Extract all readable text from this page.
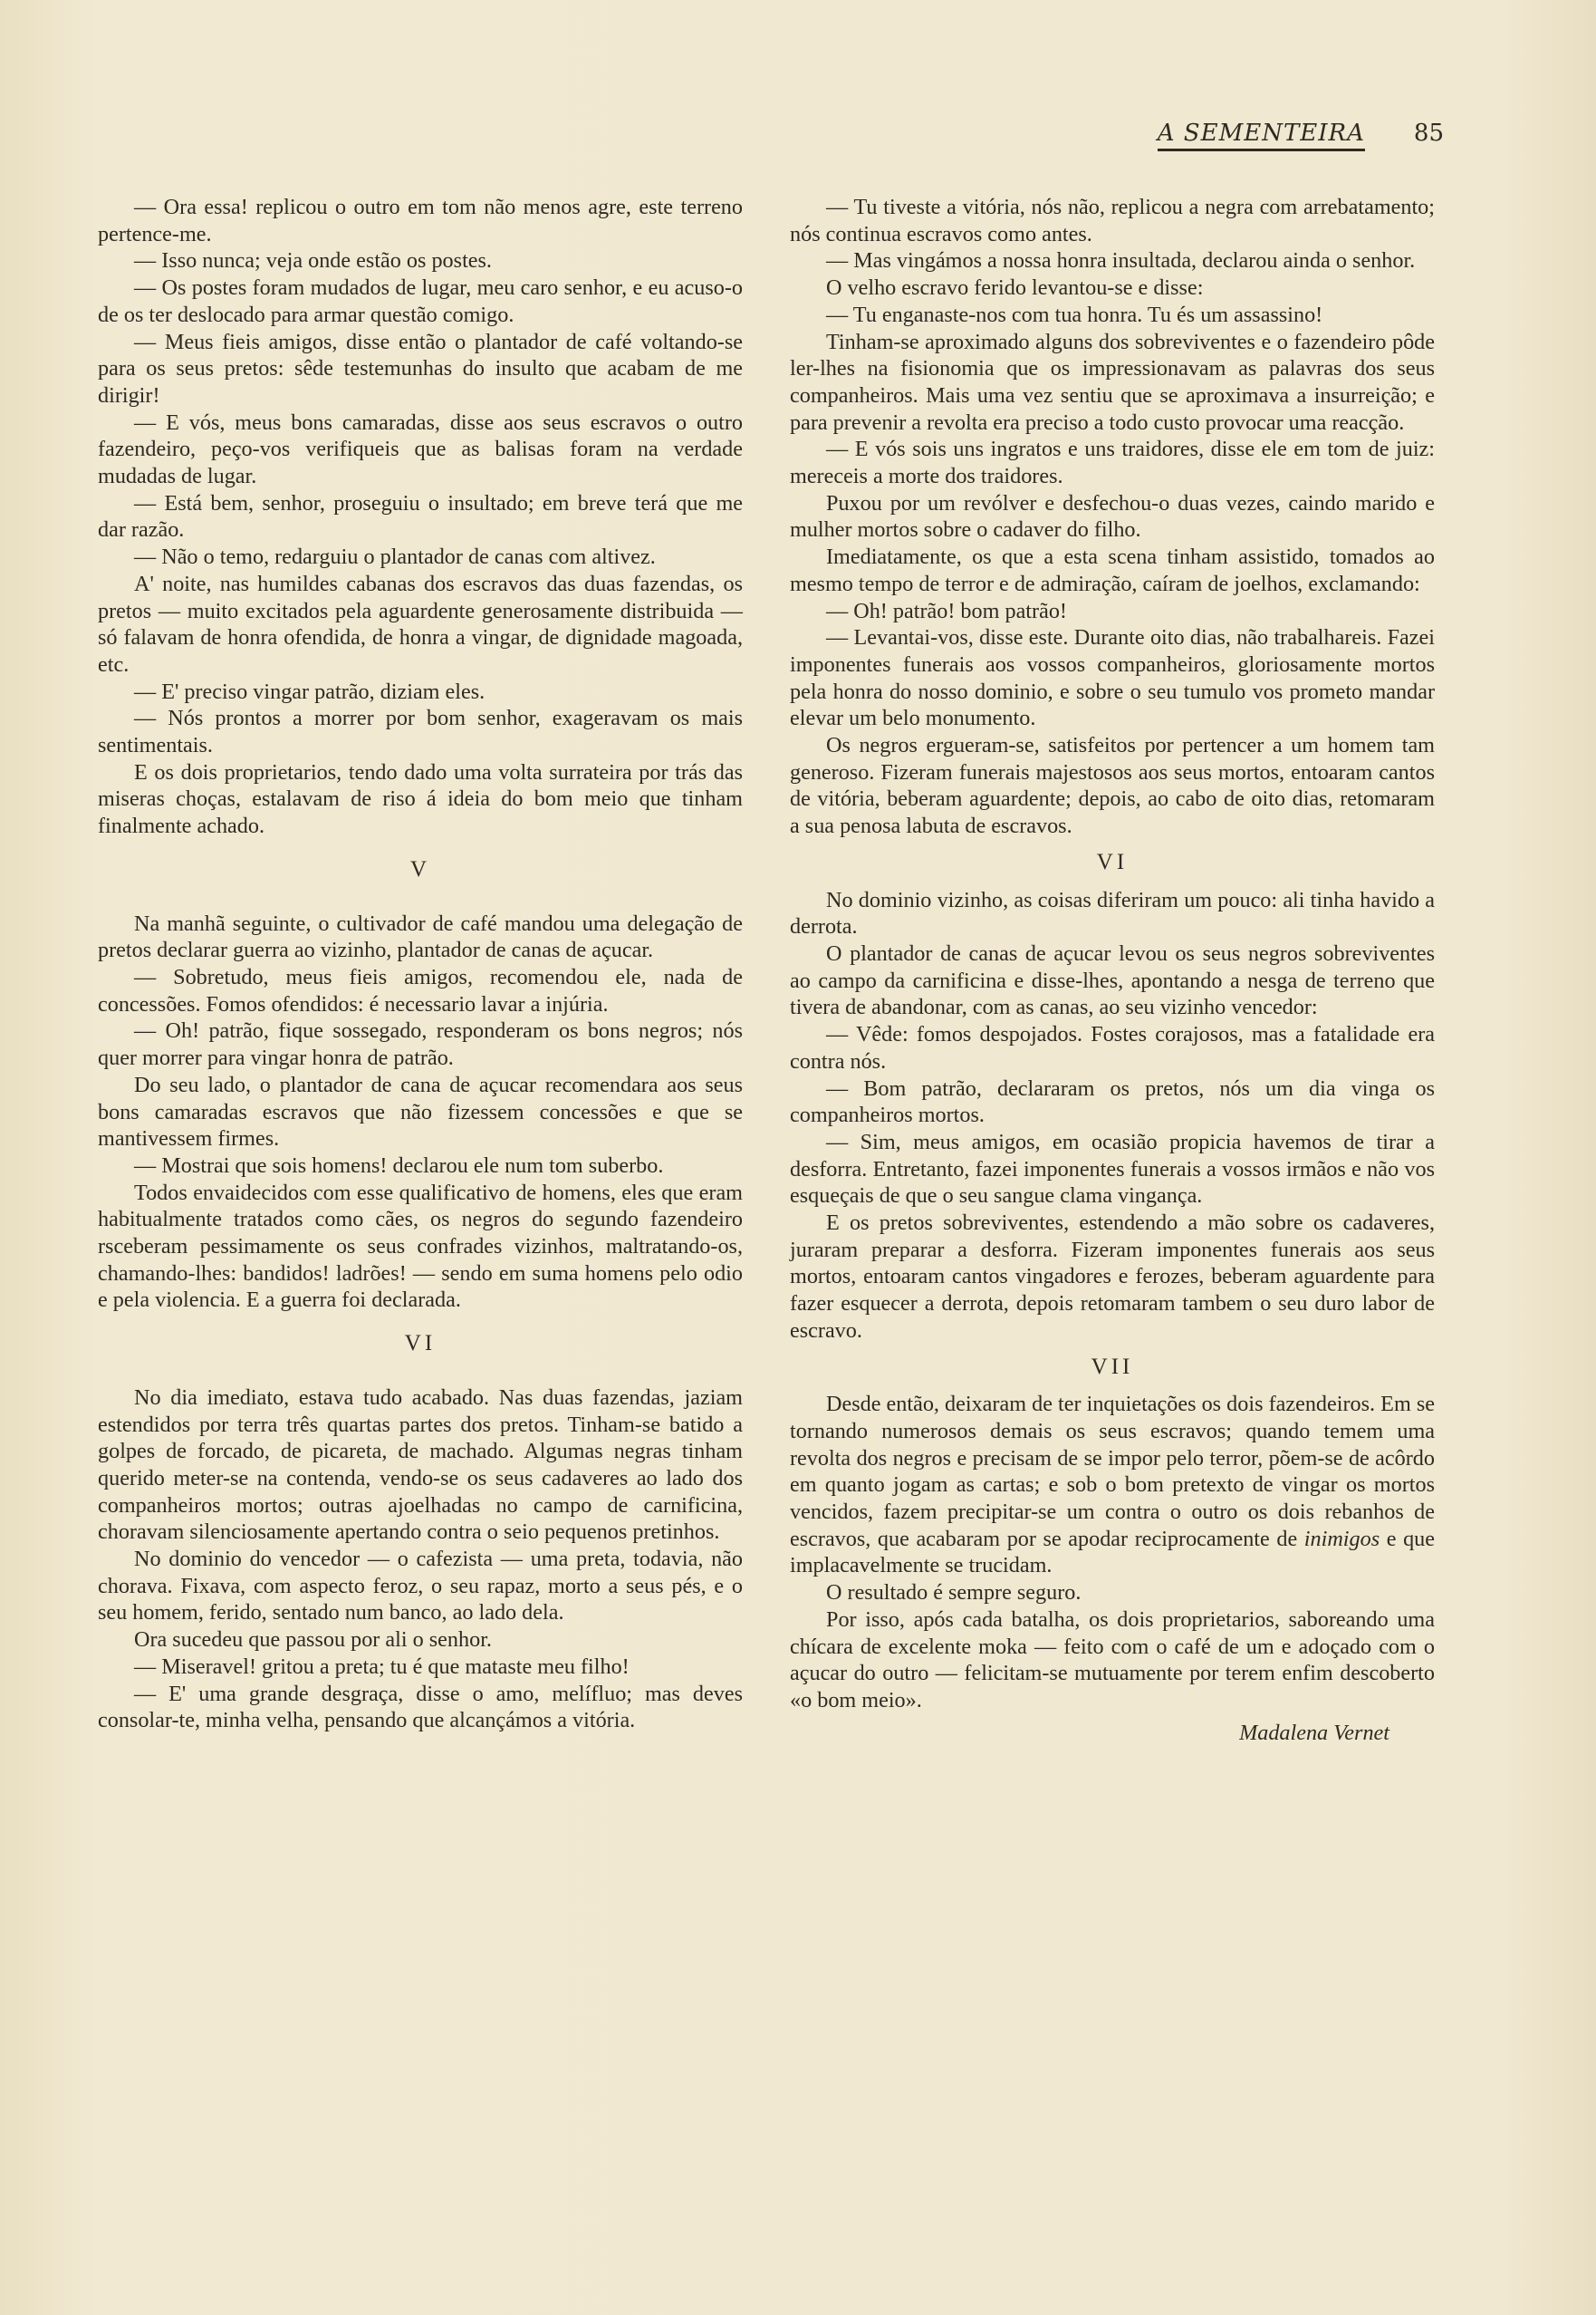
A SEMENTEIRA 85

— Ora essa! replicou o outro em tom não menos agre, este terreno pertence-me.

— Isso nunca; veja onde estão os postes.

— Os postes foram mudados de lugar, meu caro senhor, e eu acuso-o de os ter deslocado para armar questão comigo.

— Meus fieis amigos, disse então o plantador de café voltando-se para os seus pretos: sêde testemunhas do insulto que acabam de me dirigir!

— E vós, meus bons camaradas, disse aos seus escravos o outro fazendeiro, peço-vos verifiqueis que as balisas foram na verdade mudadas de lugar.

— Está bem, senhor, proseguiu o insultado; em breve terá que me dar razão.

— Não o temo, redarguiu o plantador de canas com altivez.

A' noite, nas humildes cabanas dos escravos das duas fazendas, os pretos — muito excitados pela aguardente generosamente distribuida — só falavam de honra ofendida, de honra a vingar, de dignidade magoada, etc.

— E' preciso vingar patrão, diziam eles.

— Nós prontos a morrer por bom senhor, exageravam os mais sentimentais.

E os dois proprietarios, tendo dado uma volta surrateira por trás das miseras choças, estalavam de riso á ideia do bom meio que tinham finalmente achado.

V

Na manhã seguinte, o cultivador de café mandou uma delegação de pretos declarar guerra ao vizinho, plantador de canas de açucar.

— Sobretudo, meus fieis amigos, recomendou ele, nada de concessões. Fomos ofendidos: é necessario lavar a injúria.

— Oh! patrão, fique sossegado, responderam os bons negros; nós quer morrer para vingar honra de patrão.

Do seu lado, o plantador de cana de açucar recomendara aos seus bons camaradas escravos que não fizessem concessões e que se mantivessem firmes.

— Mostrai que sois homens! declarou ele num tom suberbo.

Todos envaidecidos com esse qualificativo de homens, eles que eram habitualmente tratados como cães, os negros do segundo fazendeiro rsceberam pessimamente os seus confrades vizinhos, maltratando-os, chamando-lhes: bandidos! ladrões! — sendo em suma homens pelo odio e pela violencia. E a guerra foi declarada.

VI

No dia imediato, estava tudo acabado. Nas duas fazendas, jaziam estendidos por terra três quartas partes dos pretos. Tinham-se batido a golpes de forcado, de picareta, de machado. Algumas negras tinham querido meter-se na contenda, vendo-se os seus cadaveres ao lado dos companheiros mortos; outras ajoelhadas no campo de carnificina, choravam silenciosamente apertando contra o seio pequenos pretinhos.

No dominio do vencedor — o cafezista — uma preta, todavia, não chorava. Fixava, com aspecto feroz, o seu rapaz, morto a seus pés, e o seu homem, ferido, sentado num banco, ao lado dela.

Ora sucedeu que passou por ali o senhor.

— Miseravel! gritou a preta; tu é que mataste meu filho!

— E' uma grande desgraça, disse o amo, melífluo; mas deves consolar-te, minha velha, pensando que alcançámos a vitória.

— Tu tiveste a vitória, nós não, replicou a negra com arrebatamento; nós continua escravos como antes.

— Mas vingámos a nossa honra insultada, declarou ainda o senhor.

O velho escravo ferido levantou-se e disse:

— Tu enganaste-nos com tua honra. Tu és um assassino!

Tinham-se aproximado alguns dos sobreviventes e o fazendeiro pôde ler-lhes na fisionomia que os impressionavam as palavras dos seus companheiros. Mais uma vez sentiu que se aproximava a insurreição; e para prevenir a revolta era preciso a todo custo provocar uma reacção.

— E vós sois uns ingratos e uns traidores, disse ele em tom de juiz: mereceis a morte dos traidores.

Puxou por um revólver e desfechou-o duas vezes, caindo marido e mulher mortos sobre o cadaver do filho.

Imediatamente, os que a esta scena tinham assistido, tomados ao mesmo tempo de terror e de admiração, caíram de joelhos, exclamando:

— Oh! patrão! bom patrão!

— Levantai-vos, disse este. Durante oito dias, não trabalhareis. Fazei imponentes funerais aos vossos companheiros, gloriosamente mortos pela honra do nosso dominio, e sobre o seu tumulo vos prometo mandar elevar um belo monumento.

Os negros ergueram-se, satisfeitos por pertencer a um homem tam generoso. Fizeram funerais majestosos aos seus mortos, entoaram cantos de vitória, beberam aguardente; depois, ao cabo de oito dias, retomaram a sua penosa labuta de escravos.

VI

No dominio vizinho, as coisas diferiram um pouco: ali tinha havido a derrota.

O plantador de canas de açucar levou os seus negros sobreviventes ao campo da carnificina e disse-lhes, apontando a nesga de terreno que tivera de abandonar, com as canas, ao seu vizinho vencedor:

— Vêde: fomos despojados. Fostes corajosos, mas a fatalidade era contra nós.

— Bom patrão, declararam os pretos, nós um dia vinga os companheiros mortos.

— Sim, meus amigos, em ocasião propicia havemos de tirar a desforra. Entretanto, fazei imponentes funerais a vossos irmãos e não vos esqueçais de que o seu sangue clama vingança.

E os pretos sobreviventes, estendendo a mão sobre os cadaveres, juraram preparar a desforra. Fizeram imponentes funerais aos seus mortos, entoaram cantos vingadores e ferozes, beberam aguardente para fazer esquecer a derrota, depois retomaram tambem o seu duro labor de escravo.

VII

Desde então, deixaram de ter inquietações os dois fazendeiros. Em se tornando numerosos demais os seus escravos; quando temem uma revolta dos negros e precisam de se impor pelo terror, põem-se de acôrdo em quanto jogam as cartas; e sob o bom pretexto de vingar os mortos vencidos, fazem precipitar-se um contra o outro os dois rebanhos de escravos, que acabaram por se apodar reciprocamente de inimigos e que implacavelmente se trucidam.

O resultado é sempre seguro.

Por isso, após cada batalha, os dois proprietarios, saboreando uma chícara de excelente moka — feito com o café de um e adoçado com o açucar do outro — felicitam-se mutuamente por terem enfim descoberto «o bom meio».

Madalena Vernet
